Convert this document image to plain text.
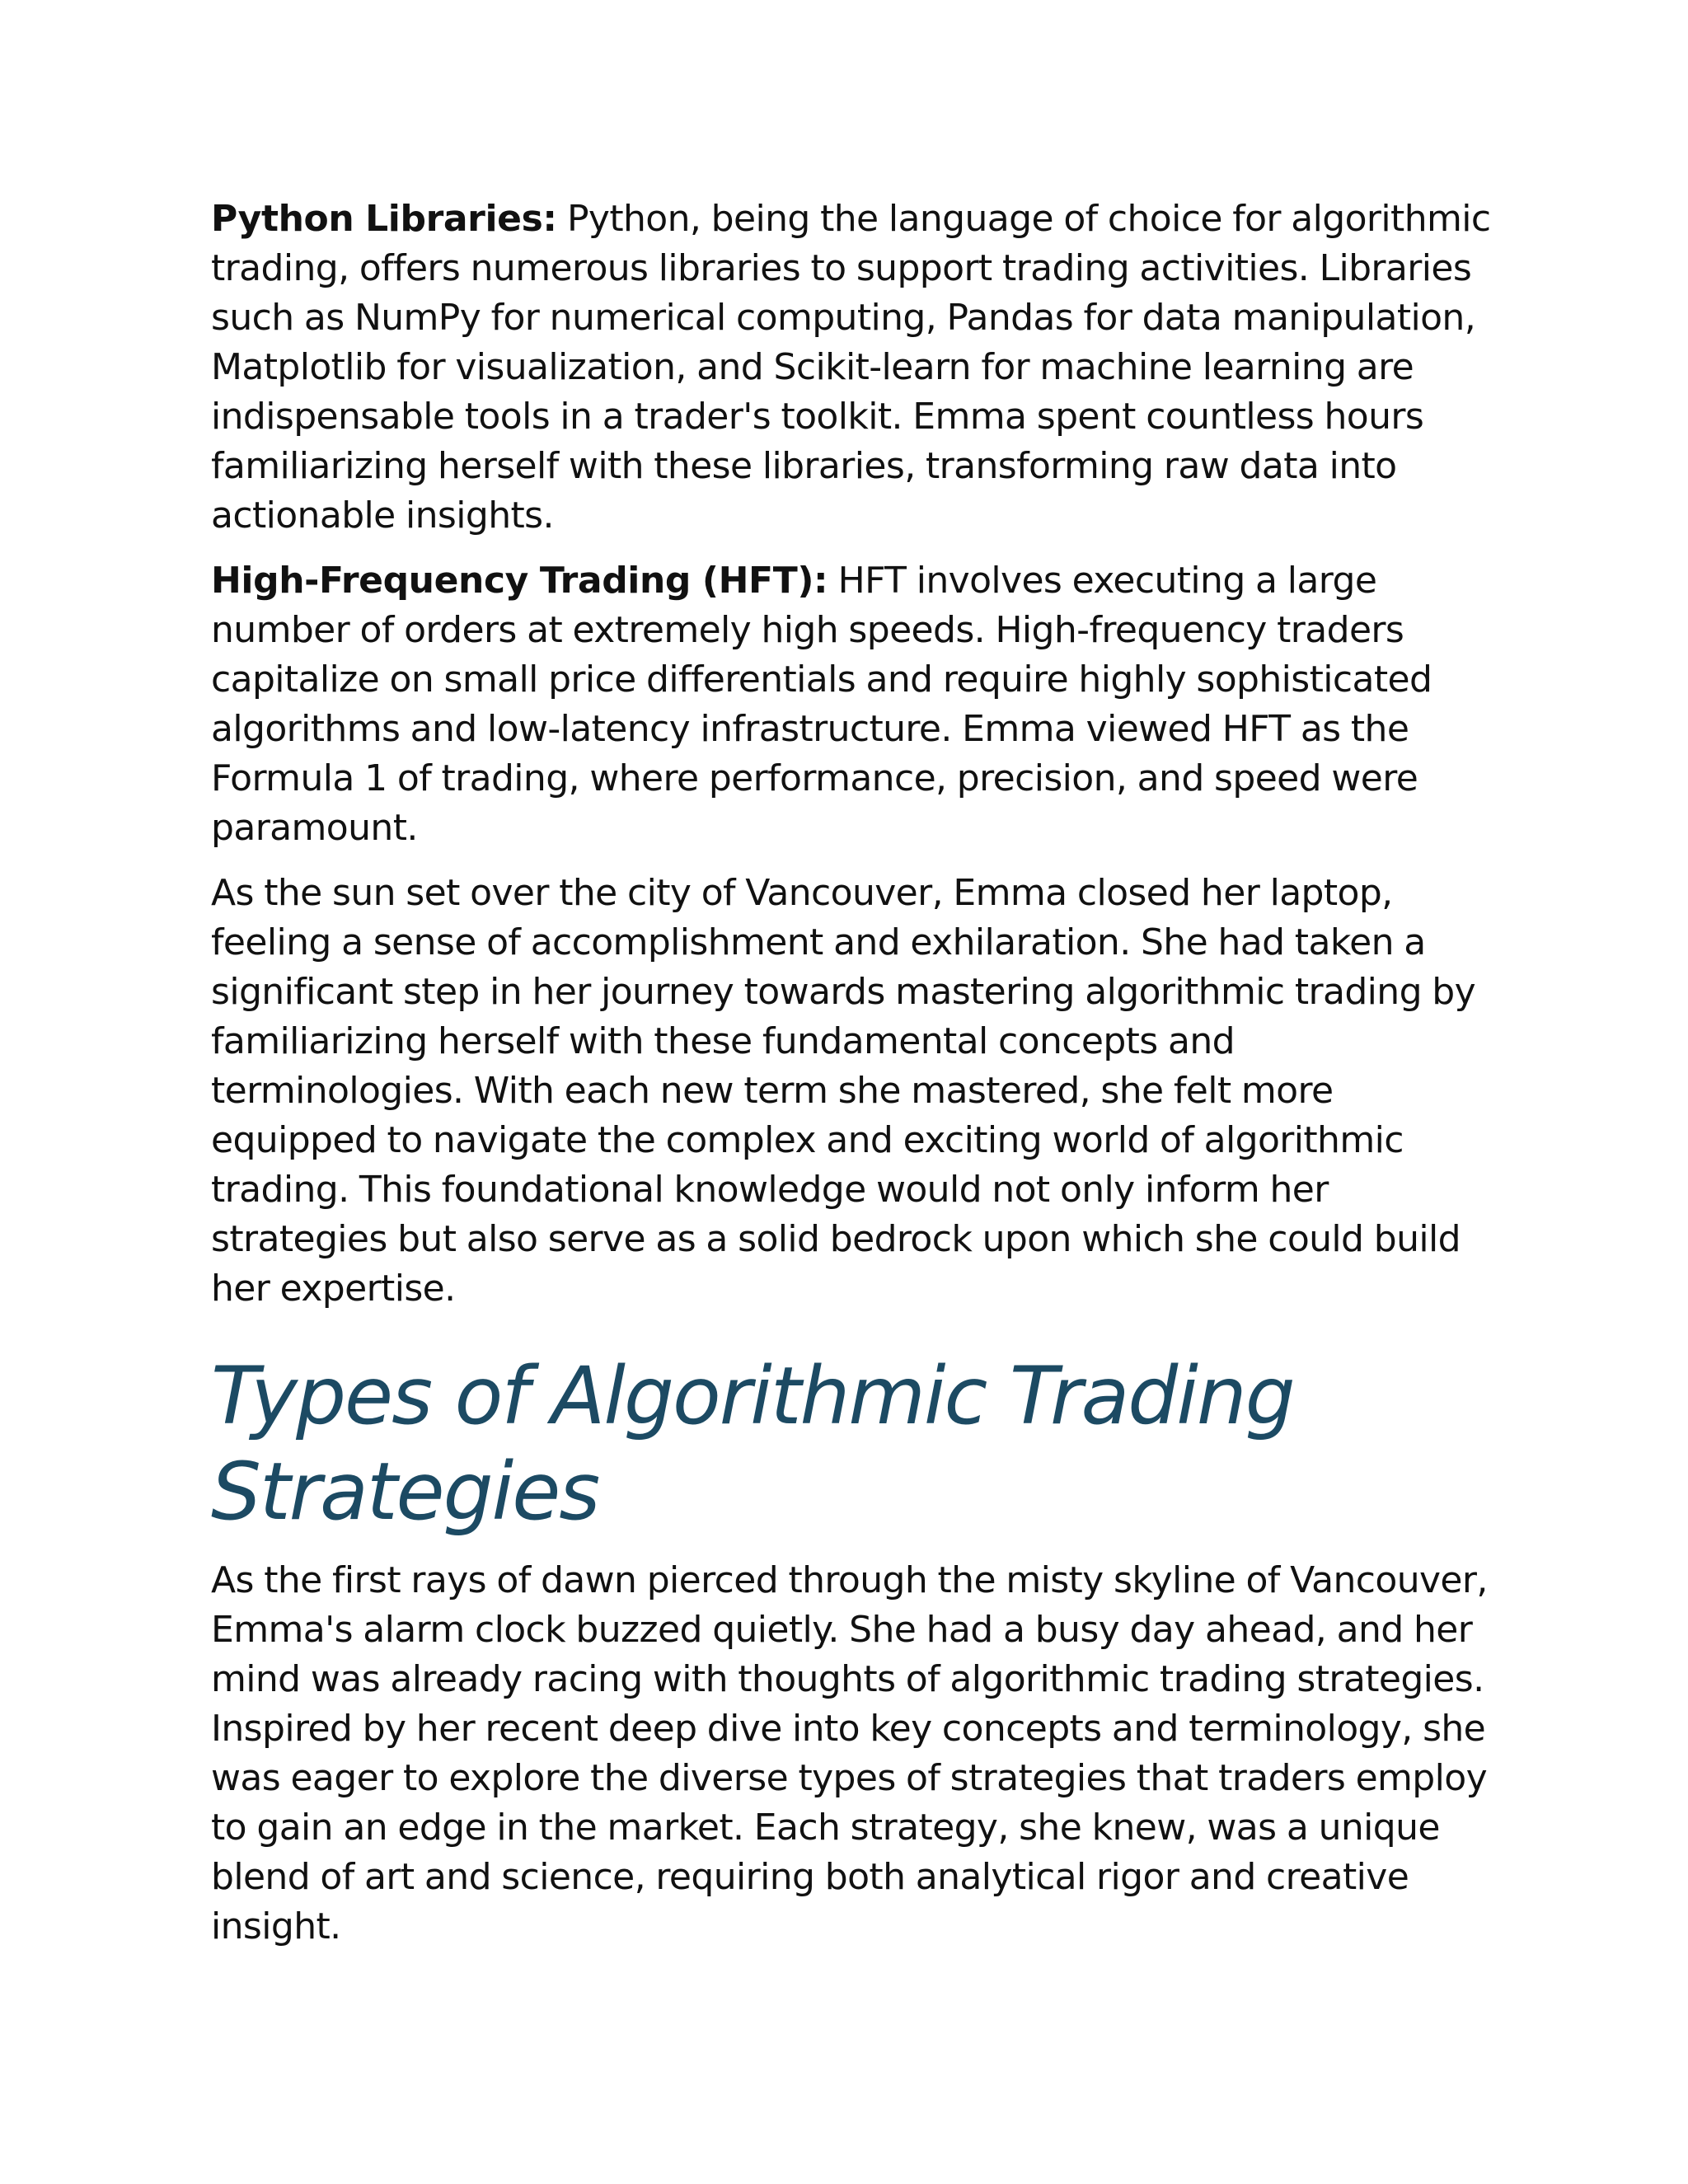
Python Libraries: Python, being the language of choice for algorithmic trading, offers numerous libraries to support trading activities. Libraries such as NumPy for numerical computing, Pandas for data manipulation, Matplotlib for visualization, and Scikit-learn for machine learning are indispensable tools in a trader's toolkit. Emma spent countless hours familiarizing herself with these libraries, transforming raw data into actionable insights.

High-Frequency Trading (HFT): HFT involves executing a large number of orders at extremely high speeds. High-frequency traders capitalize on small price differentials and require highly sophisticated algorithms and low-latency infrastructure. Emma viewed HFT as the Formula 1 of trading, where performance, precision, and speed were paramount.

As the sun set over the city of Vancouver, Emma closed her laptop, feeling a sense of accomplishment and exhilaration. She had taken a significant step in her journey towards mastering algorithmic trading by familiarizing herself with these fundamental concepts and terminologies. With each new term she mastered, she felt more equipped to navigate the complex and exciting world of algorithmic trading. This foundational knowledge would not only inform her strategies but also serve as a solid bedrock upon which she could build her expertise.

Types of Algorithmic Trading Strategies

As the first rays of dawn pierced through the misty skyline of Vancouver, Emma's alarm clock buzzed quietly. She had a busy day ahead, and her mind was already racing with thoughts of algorithmic trading strategies. Inspired by her recent deep dive into key concepts and terminology, she was eager to explore the diverse types of strategies that traders employ to gain an edge in the market. Each strategy, she knew, was a unique blend of art and science, requiring both analytical rigor and creative insight.
